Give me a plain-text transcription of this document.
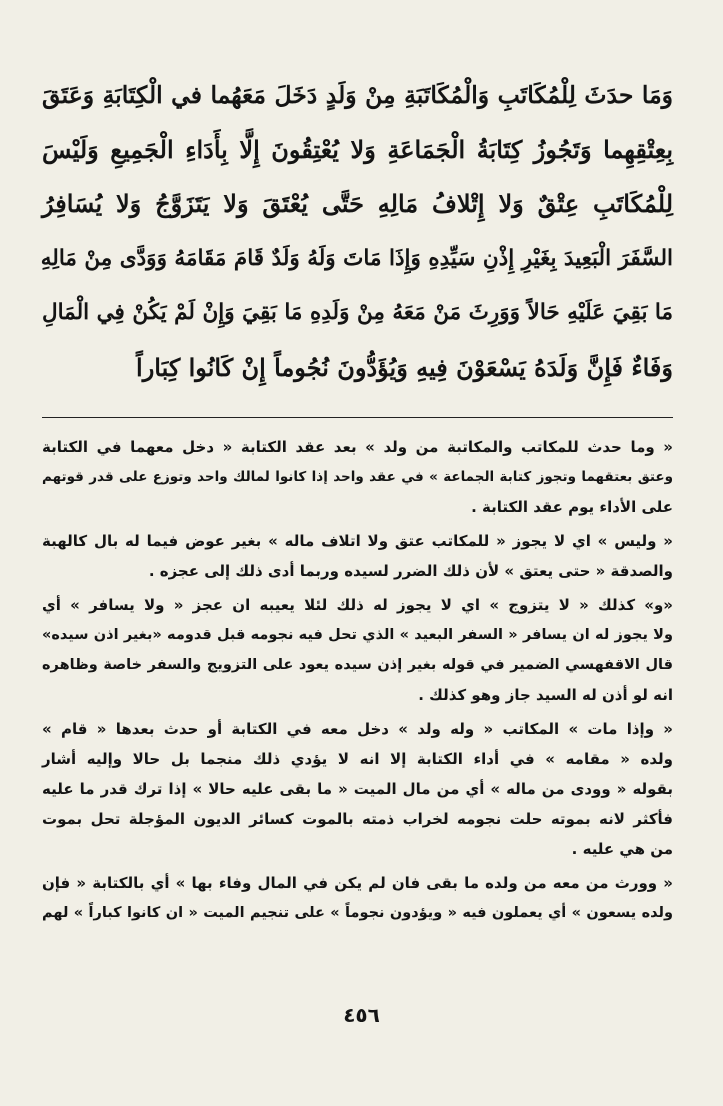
وَمَا حدَثَ لِلْمُكَاتَبِ وَالْمُكَاتَبَةِ مِنْ وَلَدٍ دَخَلَ مَعَهُما في الْكِتَابَةِ وَعَتَقَ

بِعِتْقِهِما وَتَجُوزُ كِتَابَةُ الْجَمَاعَةِ وَلا يُعْتِقُونَ إِلَّا بِأَدَاءِ الْجَمِيعِ وَلَيْسَ

لِلْمُكَاتَبِ عِتْقٌ وَلا إِتْلافُ مَالِهِ حَتَّى يُعْتَقَ وَلا يَتَزَوَّجُ وَلا يُسَافِرُ

السَّفَرَ الْبَعِيدَ بِغَيْرِ إِذْنِ سَيِّدِهِ وَإِذَا مَاتَ وَلَهُ وَلَدٌ قَامَ مَقَامَهُ وَوَدَّى مِنْ مَالِهِ

مَا بَقِيَ عَلَيْهِ حَالاً وَوَرِثَ مَنْ مَعَهُ مِنْ وَلَدِهِ مَا بَقِيَ وَإِنْ لَمْ يَكُنْ فِي الْمَالِ

وَفَاءٌ فَإِنَّ وَلَدَهُ يَسْعَوْنَ فِيهِ وَيُؤَدُّونَ نُجُوماً إِنْ كَانُوا كِبَاراً

« وما حدث للمكاتب والمكاتبة من ولد » بعد عقد الكتابة « دخل معهما في الكتابة
وعتق بعتقهما وتجوز كتابة الجماعة » في عقد واحد إذا كانوا لمالك واحد وتوزع على قدر قوتهم
على الأداء يوم عقد الكتابة .
« وليس » اي لا يجوز « للمكاتب عتق ولا اتلاف ماله » بغير عوض فيما له بال كالهبة
والصدقة « حتى يعتق » لأن ذلك الضرر لسيده وربما أدى ذلك إلى عجزه .
«و» كذلك « لا يتزوج » اي لا يجوز له ذلك لئلا يعيبه ان عجز « ولا يسافر » أي
ولا يجوز له ان يسافر « السفر البعيد » الذي تحل فيه نجومه قبل قدومه «بغير اذن سيده»
قال الاقفهسي الضمير في قوله بغير إذن سيده يعود على التزويج والسفر خاصة وظاهره
انه لو أذن له السيد جاز وهو كذلك .
« وإذا مات » المكاتب « وله ولد » دخل معه في الكتابة أو حدث بعدها « قام »
ولده « مقامه » في أداء الكتابة إلا انه لا يؤدي ذلك منجما بل حالا وإليه أشار
بقوله « وودى من ماله » أي من مال الميت « ما بقى عليه حالا » إذا ترك قدر ما عليه
فأكثر لانه بموته حلت نجومه لخراب ذمته بالموت كسائر الديون المؤجلة تحل بموت
من هي عليه .
« وورث من معه من ولده ما بقى فان لم يكن في المال وفاء بها » أي بالكتابة « فإن
ولده يسعون » أي يعملون فيه « ويؤدون نجوماً » على تنجيم الميت « ان كانوا كباراً » لهم
٤٥٦
